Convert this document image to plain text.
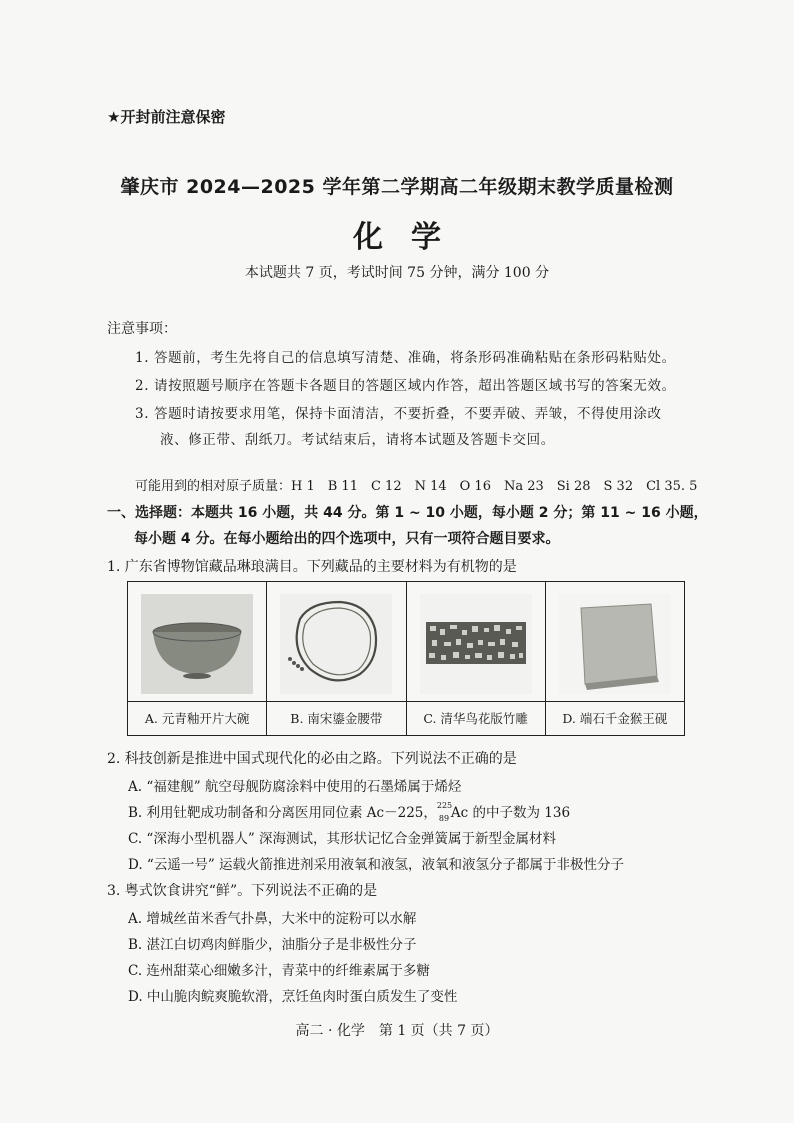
★开封前注意保密
肇庆市 2024—2025 学年第二学期高二年级期末教学质量检测
化学
本试题共 7 页，考试时间 75 分钟，满分 100 分
注意事项：
1. 答题前，考生先将自己的信息填写清楚、准确，将条形码准确粘贴在条形码粘贴处。
2. 请按照题号顺序在答题卡各题目的答题区域内作答，超出答题区域书写的答案无效。
3. 答题时请按要求用笔，保持卡面清洁，不要折叠，不要弄破、弄皱，不得使用涂改
液、修正带、刮纸刀。考试结束后，请将本试题及答题卡交回。
可能用到的相对原子质量：H 1　B 11　C 12　N 14　O 16　Na 23　Si 28　S 32　Cl 35. 5
一、选择题：本题共 16 小题，共 44 分。第 1 ~ 10 小题，每小题 2 分；第 11 ~ 16 小题，
每小题 4 分。在每小题给出的四个选项中，只有一项符合题目要求。
1. 广东省博物馆藏品琳琅满目。下列藏品的主要材料为有机物的是
A. 元青釉开片大碗	B. 南宋鎏金腰带	C. 清华鸟花版竹雕	D. 端石千金猴王砚
2. 科技创新是推进中国式现代化的必由之路。下列说法不正确的是
A. “福建舰” 航空母舰防腐涂料中使用的石墨烯属于烯烃
B. 利用钍靶成功制备和分离医用同位素 Ac－225， 225
89 Ac 的中子数为 136
C. “深海小型机器人” 深海测试，其形状记忆合金弹簧属于新型金属材料
D. “云遥一号” 运载火箭推进剂采用液氧和液氢，液氧和液氢分子都属于非极性分子
3. 粤式饮食讲究“鲜”。下列说法不正确的是
A. 增城丝苗米香气扑鼻，大米中的淀粉可以水解
B. 湛江白切鸡肉鲜脂少，油脂分子是非极性分子
C. 连州甜菜心细嫩多汁，青菜中的纤维素属于多糖
D. 中山脆肉鲩爽脆软滑，烹饪鱼肉时蛋白质发生了变性
高二 · 化学　第 1 页（共 7 页）
